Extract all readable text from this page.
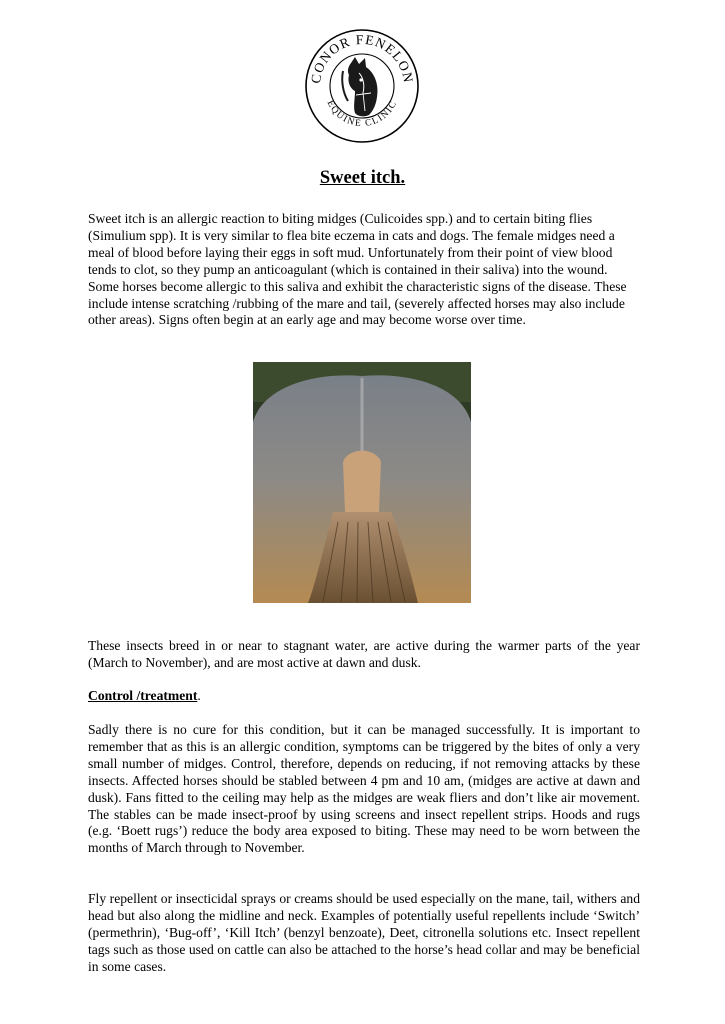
CONOR FENELON
EQUINE CLINIC
Sweet itch.

Sweet itch is an allergic reaction to biting midges (Culicoides spp.) and to certain biting flies (Simulium spp). It is very similar to flea bite eczema in cats and dogs. The female midges need a meal of blood before laying their eggs in soft mud. Unfortunately from their point of view blood tends to clot, so they pump an anticoagulant (which is contained in their saliva) into the wound. Some horses become allergic to this saliva and exhibit the characteristic signs of the disease. These include intense scratching /rubbing of the mare and tail, (severely affected horses may also include other areas). Signs often begin at an early age and may become worse over time.

These insects breed in or near to stagnant water, are active during the warmer parts of the year (March to November), and are most active at dawn and dusk.

Control /treatment.

Sadly there is no cure for this condition, but it can be managed successfully. It is important to remember that as this is an allergic condition, symptoms can be triggered by the bites of only a very small number of midges. Control, therefore, depends on reducing, if not removing attacks by these insects. Affected horses should be stabled between 4 pm and 10 am, (midges are active at dawn and dusk). Fans fitted to the ceiling may help as the midges are weak fliers and don’t like air movement. The stables can be made insect-proof by using screens and insect repellent strips. Hoods and rugs (e.g. ‘Boett rugs’) reduce the body area exposed to biting. These may need to be worn between the months of March through to November.

Fly repellent or insecticidal sprays or creams should be used especially on the mane, tail, withers and head but also along the midline and neck. Examples of potentially useful repellents include ‘Switch’ (permethrin), ‘Bug-off’, ‘Kill Itch’ (benzyl benzoate), Deet, citronella solutions etc. Insect repellent tags such as those used on cattle can also be attached to the horse’s head collar and may be beneficial in some cases.
